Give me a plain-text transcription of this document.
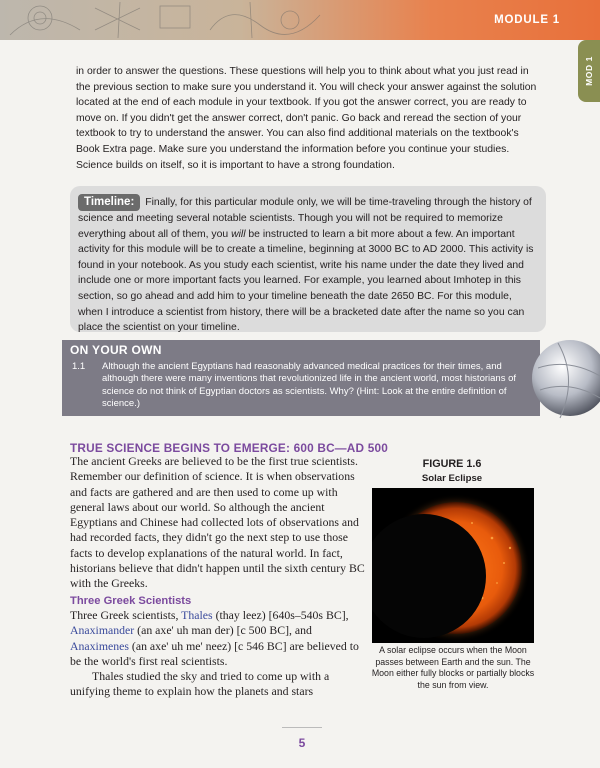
MODULE 1
MOD 1
in order to answer the questions. These questions will help you to think about what you just read in the previous section to make sure you understand it. You will check your answer against the solution located at the end of each module in your textbook. If you got the answer correct, you are ready to move on. If you didn't get the answer correct, don't panic. Go back and reread the section of your textbook to try to understand the answer. You can also find additional materials on the textbook's Book Extra page. Make sure you understand the information before you continue your studies. Science builds on itself, so it is important to have a strong foundation.
Timeline: Finally, for this particular module only, we will be time-traveling through the history of science and meeting several notable scientists. Though you will not be required to memorize everything about all of them, you will be instructed to learn a bit more about a few. An important activity for this module will be to create a timeline, beginning at 3000 BC to AD 2000. This activity is found in your notebook. As you study each scientist, write his name under the date they lived and include one or more important facts you learned. For example, you learned about Imhotep in this section, so go ahead and add him to your timeline beneath the date 2650 BC. For this module, when I introduce a scientist from history, there will be a bracketed date after the name so you can place the scientist on your timeline.
ON YOUR OWN
1.1 Although the ancient Egyptians had reasonably advanced medical practices for their times, and although there were many inventions that revolutionized life in the ancient world, most historians of science do not think of Egyptian doctors as scientists. Why? (Hint: Look at the entire definition of science.)
TRUE SCIENCE BEGINS TO EMERGE: 600 BC—AD 500
The ancient Greeks are believed to be the first true scientists. Remember our definition of science. It is when observations and facts are gathered and are then used to come up with general laws about our world. So although the ancient Egyptians and Chinese had collected lots of observations and had recorded facts, they didn't go the next step to use those facts to develop explanations of the natural world. In fact, historians believe that didn't happen until the sixth century BC with the Greeks.
Three Greek Scientists
Three Greek scientists, Thales (thay leez) [640s–540s BC], Anaximander (an axe' uh man der) [c 500 BC], and Anaximenes (an axe' uh me' neez) [c 546 BC] are believed to be the world's first real scientists.
Thales studied the sky and tried to come up with a unifying theme to explain how the planets and stars
FIGURE 1.6
Solar Eclipse
A solar eclipse occurs when the Moon passes between Earth and the sun. The Moon either fully blocks or partially blocks the sun from view.
5
